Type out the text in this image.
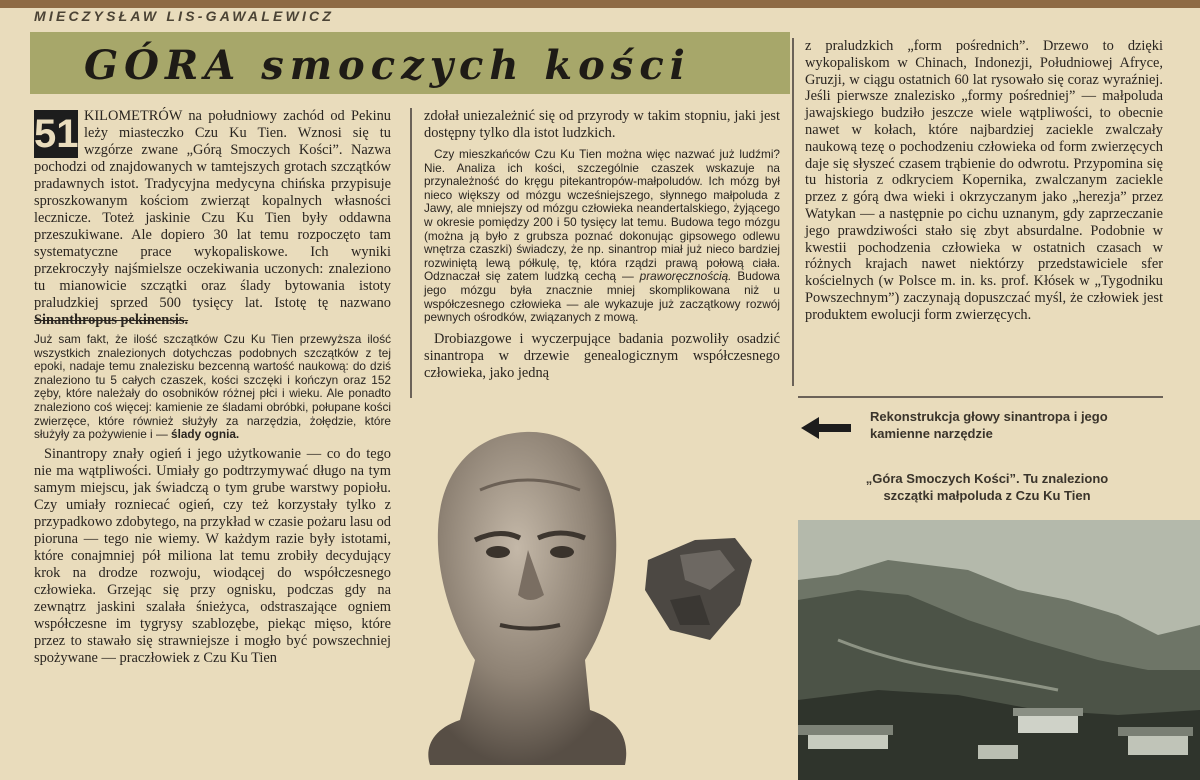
MIECZYSŁAW LIS-GAWALEWICZ
GÓRA smoczych kości

51 KILOMETRÓW na południowy zachód od Pekinu leży miasteczko Czu Ku Tien. Wznosi się tu wzgórze zwane „Górą Smoczych Kości”. Nazwa pochodzi od znajdowanych w tamtejszych grotach szczątków pradawnych istot. Tradycyjna medycyna chińska przypisuje sproszkowanym kościom zwierząt kopalnych własności lecznicze. Toteż jaskinie Czu Ku Tien były oddawna przeszukiwane. Ale dopiero 30 lat temu rozpoczęto tam systematyczne prace wykopaliskowe. Ich wyniki przekroczyły najśmielsze oczekiwania uczonych: znaleziono tu mianowicie szczątki oraz ślady bytowania istoty praludzkiej sprzed 500 tysięcy lat. Istotę tę nazwano Sinanthropus pekinensis.

Już sam fakt, że ilość szczątków Czu Ku Tien przewyższa ilość wszystkich znalezionych dotychczas podobnych szczątków z tej epoki, nadaje temu znalezisku bezcenną wartość naukową: do dziś znaleziono tu 5 całych czaszek, kości szczęki i kończyn oraz 152 zęby, które należały do osobników różnej płci i wieku. Ale ponadto znaleziono coś więcej: kamienie ze śladami obróbki, połupane kości zwierzęce, które również służyły za narzędzia, żołędzie, które służyły za pożywienie i — ślady ognia.

Sinantropy znały ogień i jego użytkowanie — co do tego nie ma wątpliwości. Umiały go podtrzymywać długo na tym samym miejscu, jak świadczą o tym grube warstwy popiołu. Czy umiały rozniecać ogień, czy też korzystały tylko z przypadkowo zdobytego, na przykład w czasie pożaru lasu od pioruna — tego nie wiemy. W każdym razie były istotami, które conajmniej pół miliona lat temu zrobiły decydujący krok na drodze rozwoju, wiodącej do współczesnego człowieka. Grzejąc się przy ognisku, podczas gdy na zewnątrz jaskini szalała śnieżyca, odstraszające ogniem współczesne im tygrysy szablozębe, piekąc mięso, które przez to stawało się strawniejsze i mogło być powszechniej spożywane — praczłowiek z Czu Ku Tien

zdołał uniezależnić się od przyrody w takim stopniu, jaki jest dostępny tylko dla istot ludzkich.

Czy mieszkańców Czu Ku Tien można więc nazwać już ludźmi? Nie. Analiza ich kości, szczególnie czaszek wskazuje na przynależność do kręgu pitekantropów-małpoludów. Ich mózg był nieco większy od mózgu wcześniejszego, słynnego małpoluda z Jawy, ale mniejszy od mózgu człowieka neandertalskiego, żyjącego w okresie pomiędzy 200 i 50 tysięcy lat temu. Budowa tego mózgu (można ją było z grubsza poznać dokonując gipsowego odlewu wnętrza czaszki) świadczy, że np. sinantrop miał już nieco bardziej rozwiniętą lewą półkulę, tę, która rządzi prawą połową ciała. Odznaczał się zatem ludzką cechą — praworęcznością. Budowa jego mózgu była znacznie mniej skomplikowana niż u współczesnego człowieka — ale wykazuje już zaczątkowy rozwój pewnych ośrodków, związanych z mową.

Drobiazgowe i wyczerpujące badania pozwoliły osadzić sinantropa w drzewie genealogicznym współczesnego człowieka, jako jedną

z praludzkich „form pośrednich”. Drzewo to dzięki wykopaliskom w Chinach, Indonezji, Południowej Afryce, Gruzji, w ciągu ostatnich 60 lat rysowało się coraz wyraźniej. Jeśli pierwsze znalezisko „formy pośredniej” — małpoluda jawajskiego budziło jeszcze wiele wątpliwości, to obecnie nawet w kołach, które najbardziej zaciekle zwalczały naukową tezę o pochodzeniu człowieka od form zwierzęcych daje się słyszeć czasem trąbienie do odwrotu. Przypomina się tu historia z odkryciem Kopernika, zwalczanym zaciekle przez z górą dwa wieki i okrzyczanym jako „herezja” przez Watykan — a następnie po cichu uznanym, gdy zaprzeczanie jego prawdziwości stało się zbyt absurdalne. Podobnie w kwestii pochodzenia człowieka w ostatnich czasach w różnych krajach nawet niektórzy przedstawiciele sfer kościelnych (w Polsce m. in. ks. prof. Kłósek w „Tygodniku Powszechnym”) zaczynają dopuszczać myśl, że człowiek jest produktem ewolucji form zwierzęcych.

Rekonstrukcja głowy sinantropa i jego kamienne narzędzie
„Góra Smoczych Kości”. Tu znaleziono szczątki małpoluda z Czu Ku Tien
